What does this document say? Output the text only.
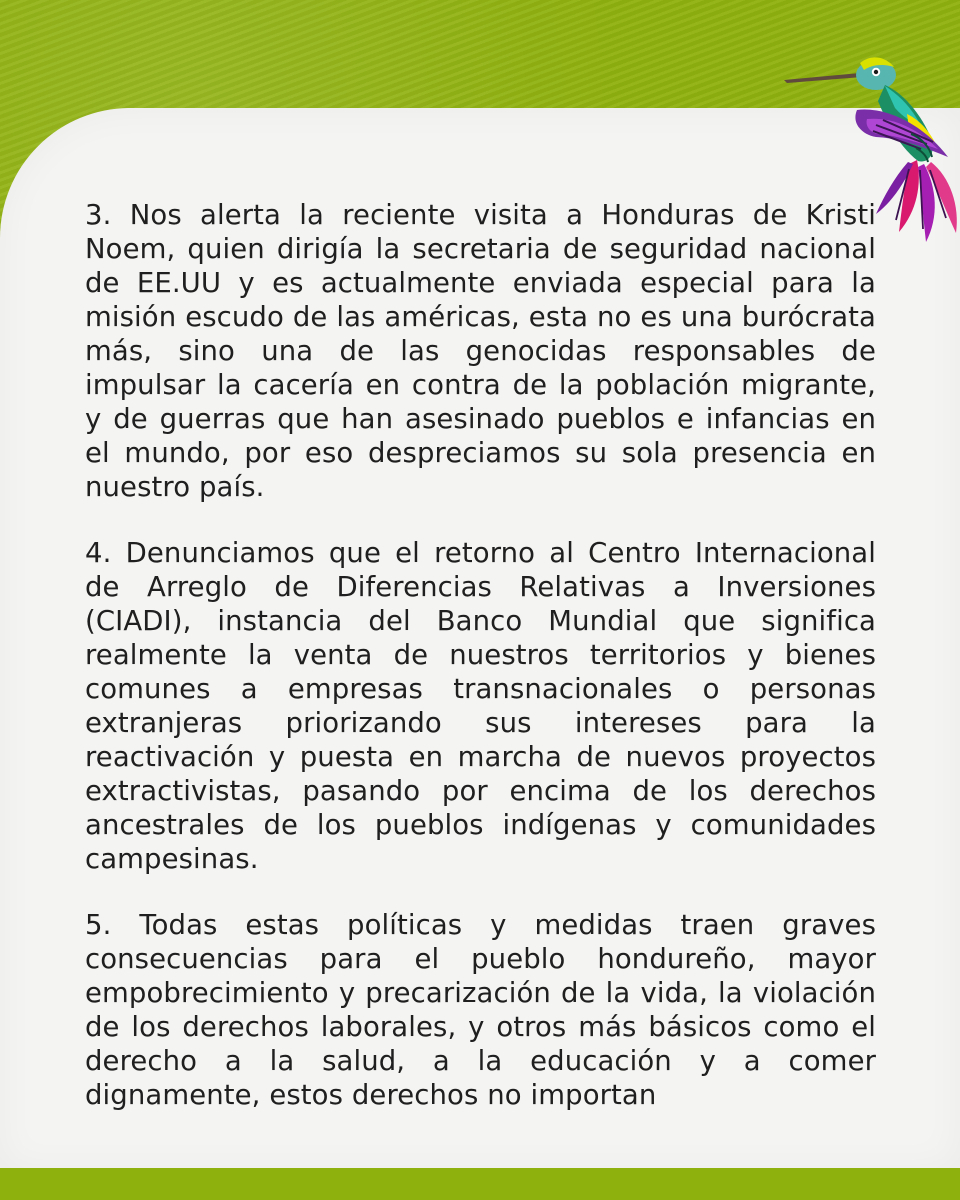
3. Nos alerta la reciente visita a Honduras de Kristi Noem, quien dirigía la secretaria de seguridad nacional de EE.UU y es actualmente enviada especial para la misión escudo de las américas, esta no es una burócrata más, sino una de las genocidas responsables de impulsar la cacería en contra de la población migrante, y de guerras que han asesinado pueblos e infancias en el mundo, por eso despreciamos su sola presencia en nuestro país.

4. Denunciamos que el retorno al Centro Internacional de Arreglo de Diferencias Relativas a Inversiones (CIADI), instancia del Banco Mundial que significa realmente la venta de nuestros territorios y bienes comunes a empresas transnacionales o personas extranjeras priorizando sus intereses para la reactivación y puesta en marcha de nuevos proyectos extractivistas, pasando por encima de los derechos ancestrales de los pueblos indígenas y comunidades campesinas.

5. Todas estas políticas y medidas traen graves consecuencias para el pueblo hondureño, mayor empobrecimiento y precarización de la vida, la violación de los derechos laborales, y otros más básicos como el derecho a la salud, a la educación y a comer dignamente, estos derechos no importan
